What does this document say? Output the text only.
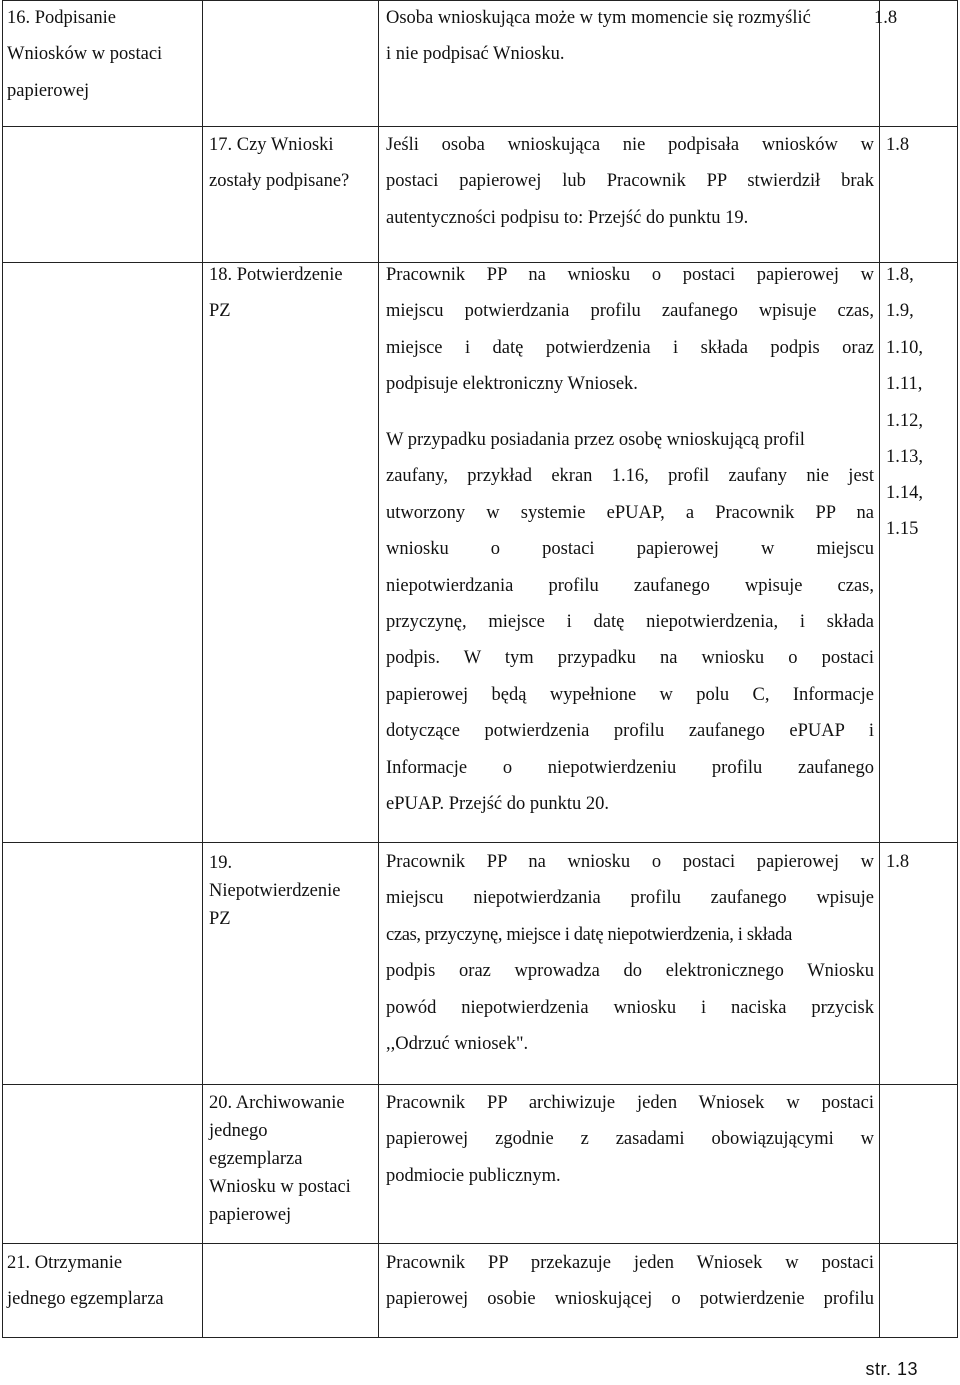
16. Podpisanie
Wniosków w postaci
papierowej
Osoba wnioskująca może w tym momencie się rozmyślić
i nie podpisać Wniosku.
1.8
17. Czy Wnioski
zostały podpisane?
Jeśli osoba wnioskująca nie podpisała wniosków w
postaci papierowej lub Pracownik PP stwierdził brak
autentyczności podpisu to: Przejść do punktu 19.
1.8
18. Potwierdzenie
PZ
Pracownik PP na wniosku o postaci papierowej w
miejscu potwierdzania profilu zaufanego wpisuje czas,
miejsce i datę potwierdzenia i składa podpis oraz
podpisuje elektroniczny Wniosek.
W przypadku posiadania przez osobę wnioskującą profil
zaufany, przykład ekran 1.16, profil zaufany nie jest
utworzony w systemie ePUAP, a Pracownik PP na
wniosku o postaci papierowej w miejscu
niepotwierdzania profilu zaufanego wpisuje czas,
przyczynę, miejsce i datę niepotwierdzenia, i składa
podpis. W tym przypadku na wniosku o postaci
papierowej będą wypełnione w polu C, Informacje
dotyczące potwierdzenia profilu zaufanego ePUAP i
Informacje o niepotwierdzeniu profilu zaufanego
ePUAP. Przejść do punktu 20.
1.8,
1.9,
1.10,
1.11,
1.12,
1.13,
1.14,
1.15
19.
Niepotwierdzenie
PZ
Pracownik PP na wniosku o postaci papierowej w
miejscu niepotwierdzania profilu zaufanego wpisuje
czas, przyczynę, miejsce i datę niepotwierdzenia, i składa
podpis oraz wprowadza do elektronicznego Wniosku
powód niepotwierdzenia wniosku i naciska przycisk
,,Odrzuć wniosek".
1.8
20. Archiwowanie
jednego
egzemplarza
Wniosku w postaci
papierowej
Pracownik PP archiwizuje jeden Wniosek w postaci
papierowej zgodnie z zasadami obowiązującymi w
podmiocie publicznym.
21. Otrzymanie
jednego egzemplarza
Pracownik PP przekazuje jeden Wniosek w postaci
papierowej osobie wnioskującej o potwierdzenie profilu
str. 13
